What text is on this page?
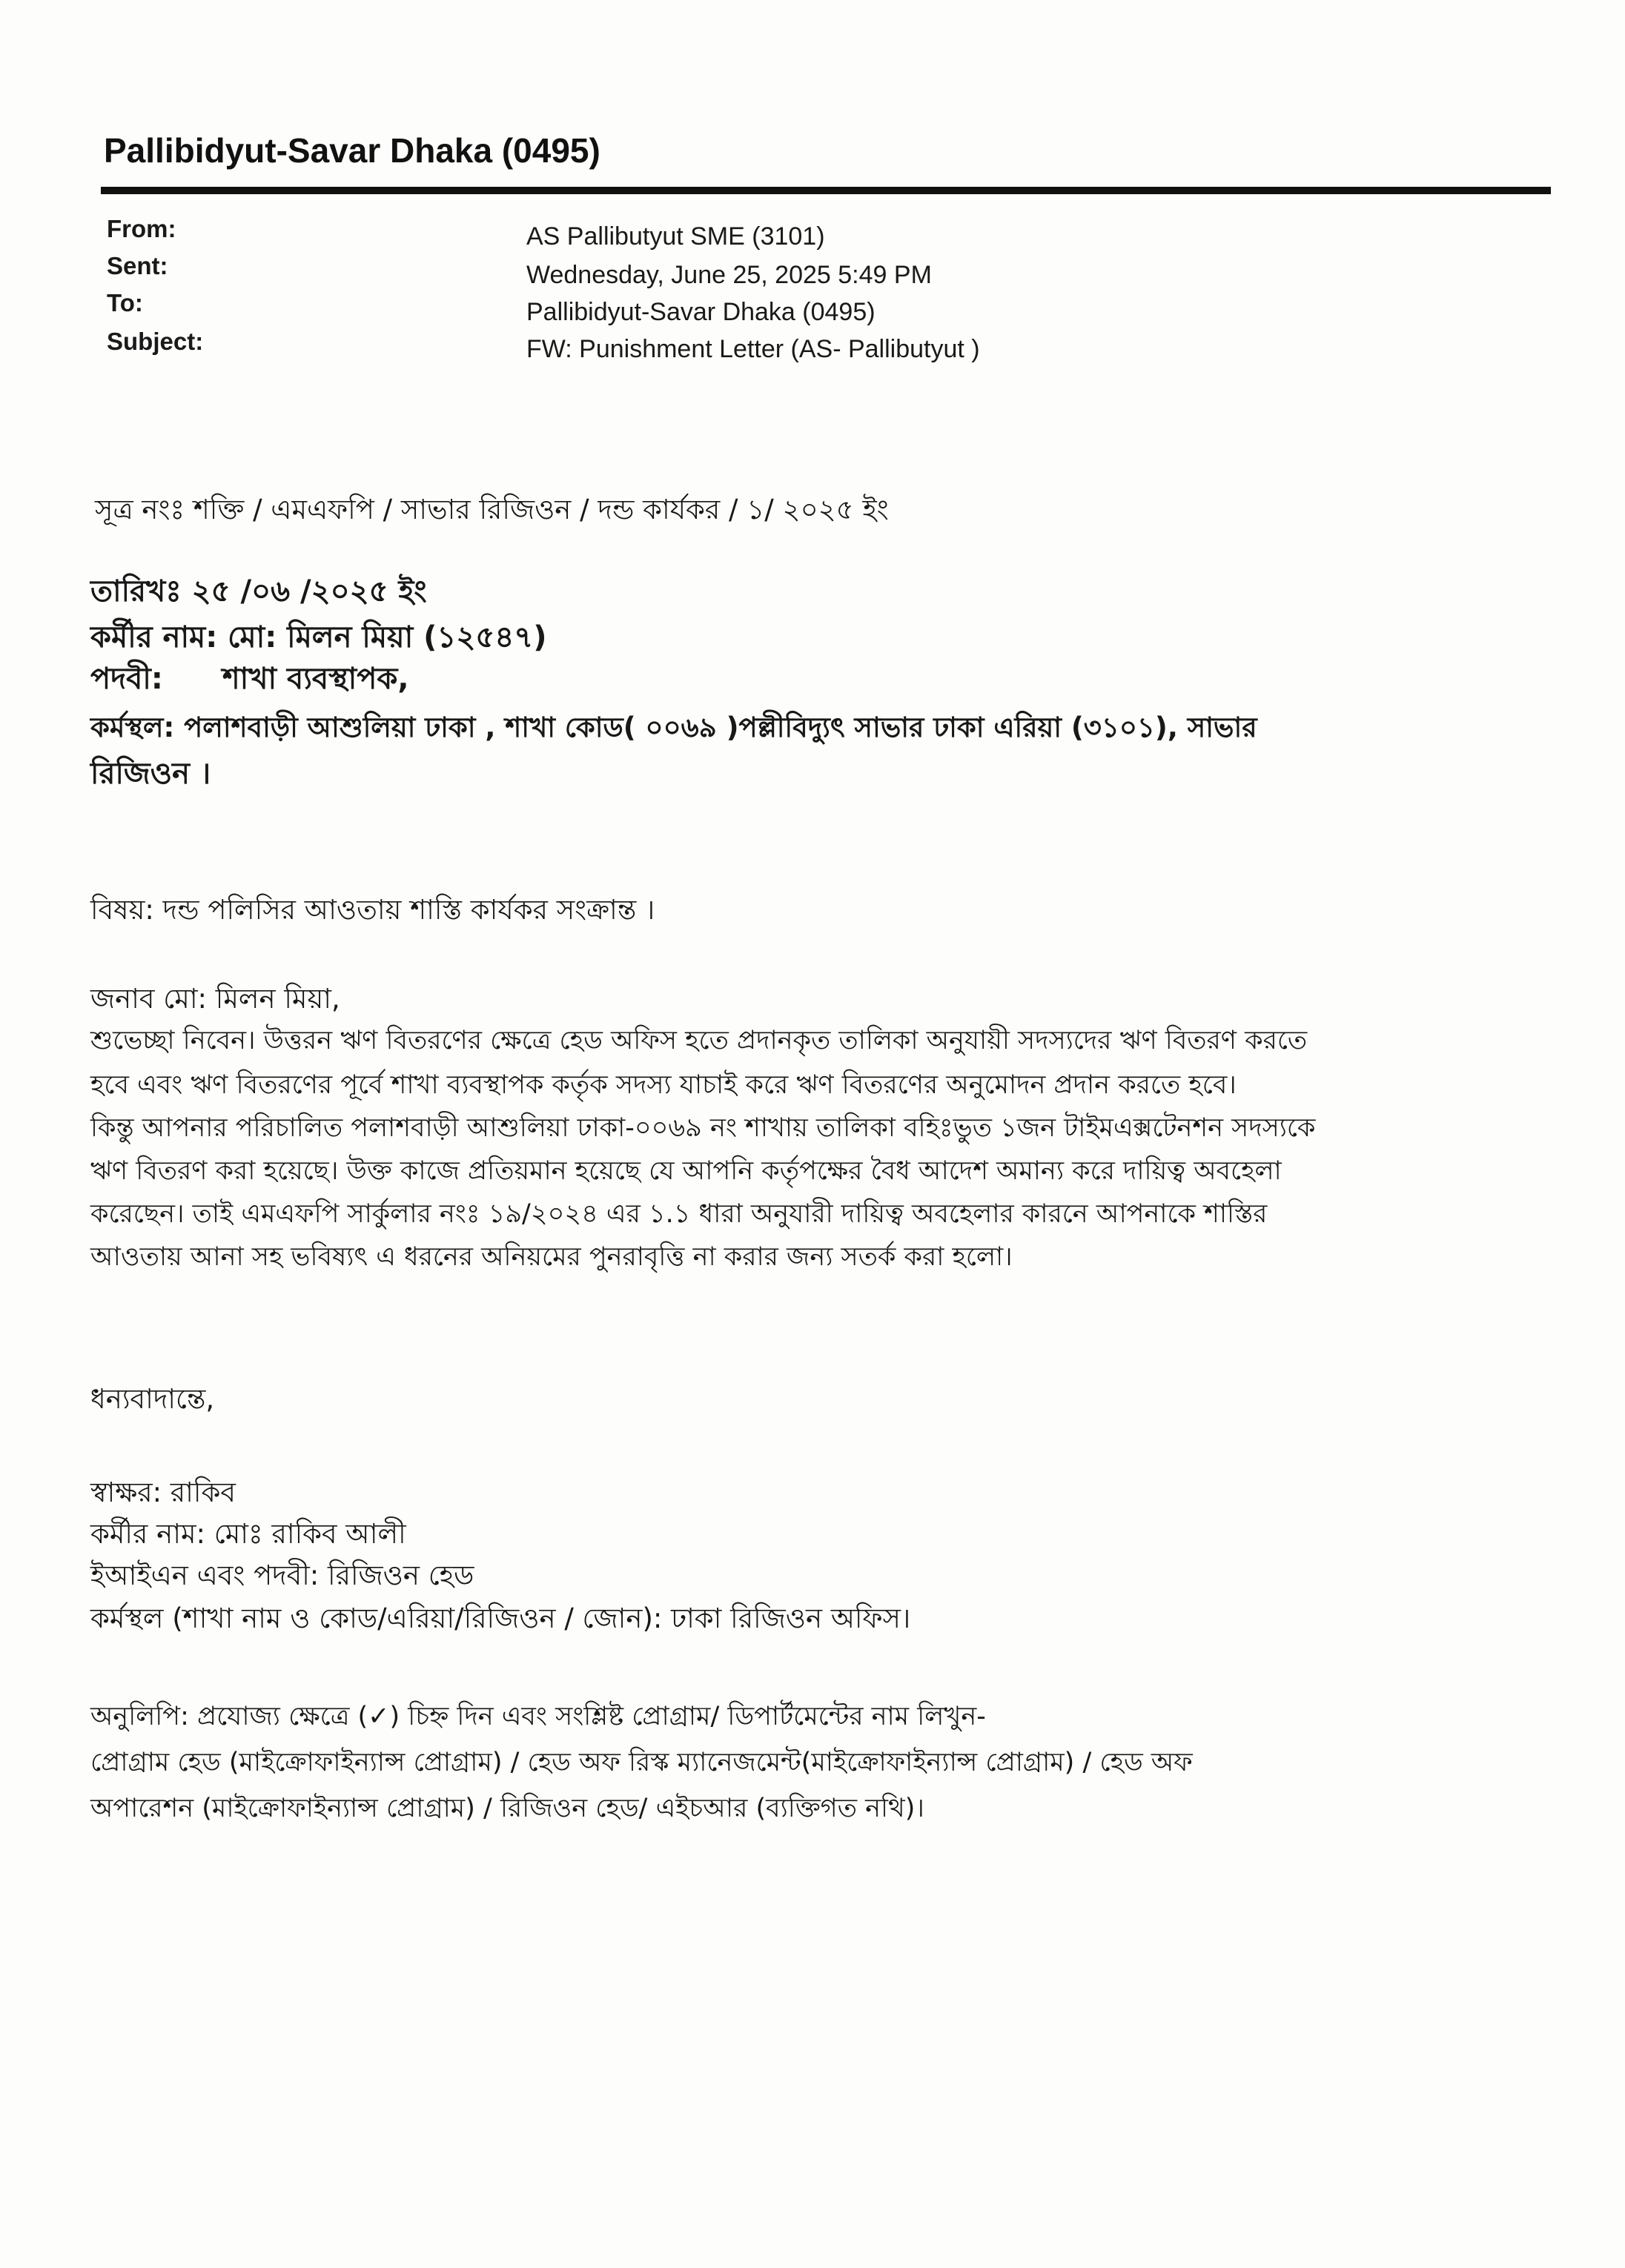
Pallibidyut-Savar Dhaka (0495)
From:	AS Pallibutyut SME (3101)
Sent:	Wednesday, June 25, 2025 5:49 PM
To:	Pallibidyut-Savar Dhaka (0495)
Subject:	FW: Punishment Letter (AS- Pallibutyut )
সূত্র নংঃ শক্তি / এমএফপি / সাভার রিজিওন / দন্ড কার্যকর / ১/ ২০২৫ ইং
তারিখঃ ২৫ /০৬ /২০২৫ ইং
কর্মীর নাম: মো: মিলন মিয়া (১২৫৪৭)
পদবী: শাখা ব্যবস্থাপক,
কর্মস্থল: পলাশবাড়ী আশুলিয়া ঢাকা , শাখা কোড( ০০৬৯ )পল্লীবিদ্যুৎ সাভার ঢাকা এরিয়া (৩১০১), সাভার
রিজিওন ।
বিষয়: দন্ড পলিসির আওতায় শাস্তি কার্যকর সংক্রান্ত ।
জনাব মো: মিলন মিয়া,
শুভেচ্ছা নিবেন। উত্তরন ঋণ বিতরণের ক্ষেত্রে হেড অফিস হতে প্রদানকৃত তালিকা অনুযায়ী সদস্যদের ঋণ বিতরণ করতে
হবে এবং ঋণ বিতরণের পূর্বে শাখা ব্যবস্থাপক কর্তৃক সদস্য যাচাই করে ঋণ বিতরণের অনুমোদন প্রদান করতে হবে।
কিন্তু আপনার পরিচালিত পলাশবাড়ী আশুলিয়া ঢাকা-০০৬৯ নং শাখায় তালিকা বহিঃভুত ১জন টাইমএক্সটেনশন সদস্যকে
ঋণ বিতরণ করা হয়েছে। উক্ত কাজে প্রতিয়মান হয়েছে যে আপনি কর্তৃপক্ষের বৈধ আদেশ অমান্য করে দায়িত্ব অবহেলা
করেছেন। তাই এমএফপি সার্কুলার নংঃ ১৯/২০২৪ এর ১.১ ধারা অনুযারী দায়িত্ব অবহেলার কারনে আপনাকে শাস্তির
আওতায় আনা সহ ভবিষ্যৎ এ ধরনের অনিয়মের পুনরাবৃত্তি না করার জন্য সতর্ক করা হলো।
ধন্যবাদান্তে,
স্বাক্ষর: রাকিব
কর্মীর নাম: মোঃ রাকিব আলী
ইআইএন এবং পদবী: রিজিওন হেড
কর্মস্থল (শাখা নাম ও কোড/এরিয়া/রিজিওন / জোন): ঢাকা রিজিওন অফিস।
অনুলিপি: প্রযোজ্য ক্ষেত্রে (✓) চিহ্ন দিন এবং সংশ্লিষ্ট প্রোগ্রাম/ ডিপার্টমেন্টের নাম লিখুন-
প্রোগ্রাম হেড (মাইক্রোফাইন্যান্স প্রোগ্রাম) / হেড অফ রিস্ক ম্যানেজমেন্ট(মাইক্রোফাইন্যান্স প্রোগ্রাম) / হেড অফ
অপারেশন (মাইক্রোফাইন্যান্স প্রোগ্রাম) / রিজিওন হেড/ এইচআর (ব্যক্তিগত নথি)।
